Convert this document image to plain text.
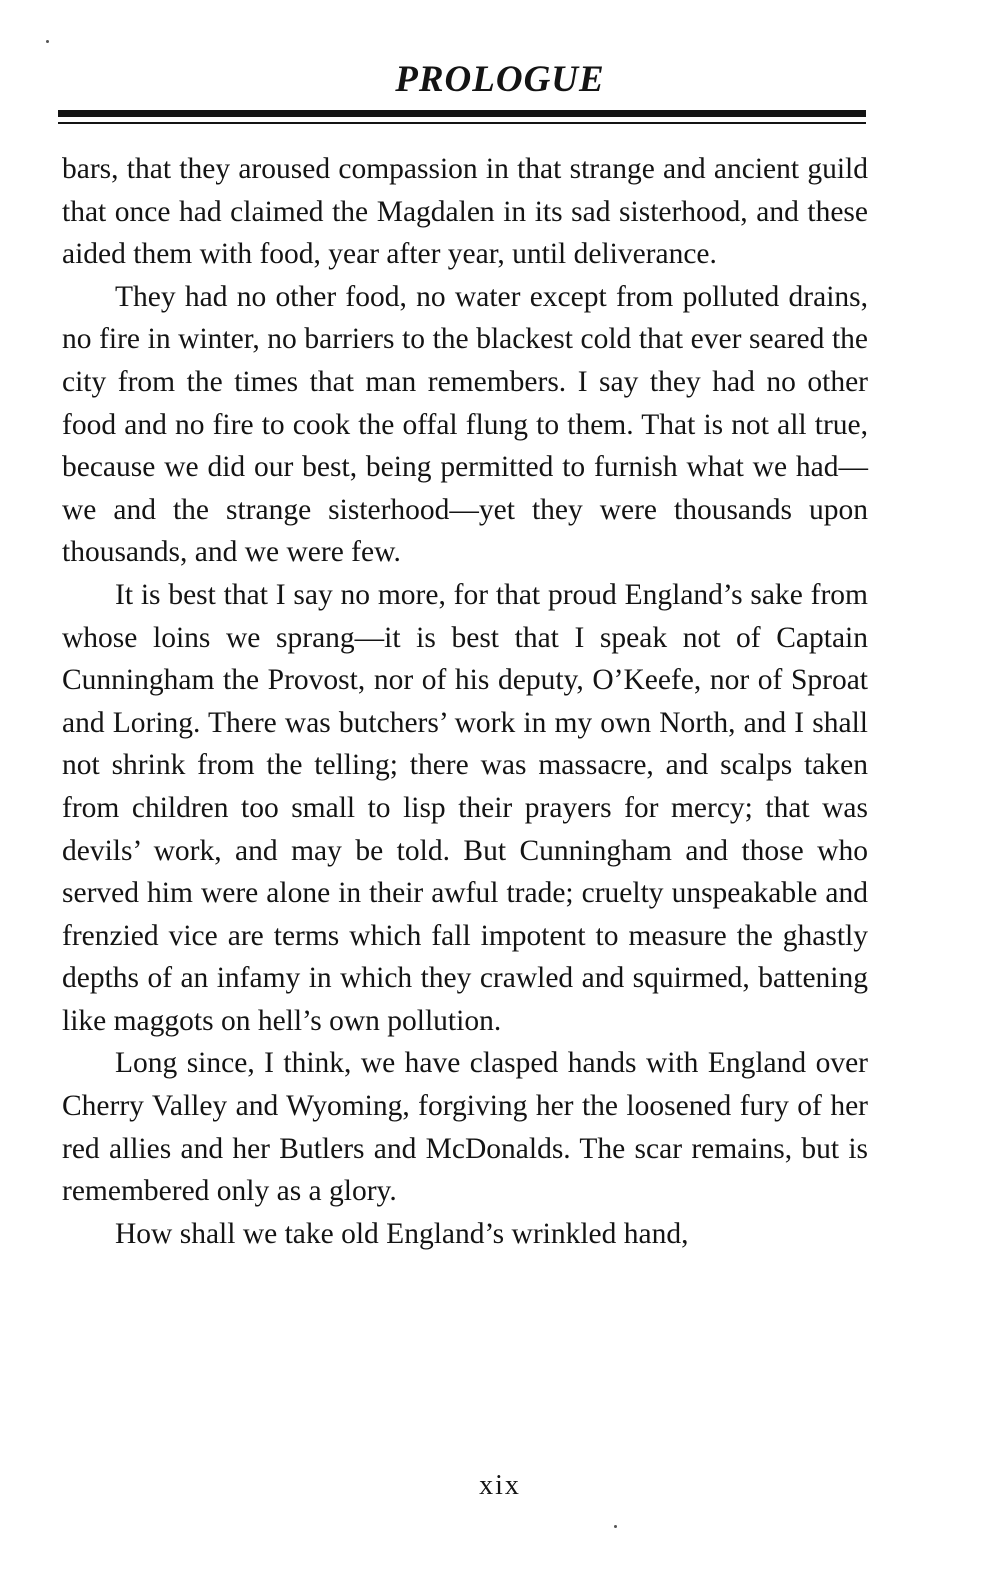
PROLOGUE

bars, that they aroused compassion in that strange and ancient guild that once had claimed the Magdalen in its sad sisterhood, and these aided them with food, year after year, until deliverance.

They had no other food, no water except from polluted drains, no fire in winter, no barriers to the blackest cold that ever seared the city from the times that man remembers. I say they had no other food and no fire to cook the offal flung to them. That is not all true, because we did our best, being permitted to furnish what we had—we and the strange sisterhood—yet they were thousands upon thousands, and we were few.

It is best that I say no more, for that proud England’s sake from whose loins we sprang—it is best that I speak not of Captain Cunningham the Provost, nor of his deputy, O’Keefe, nor of Sproat and Loring. There was butchers’ work in my own North, and I shall not shrink from the telling; there was massacre, and scalps taken from children too small to lisp their prayers for mercy; that was devils’ work, and may be told. But Cunningham and those who served him were alone in their awful trade; cruelty unspeakable and frenzied vice are terms which fall impotent to measure the ghastly depths of an infamy in which they crawled and squirmed, battening like maggots on hell’s own pollution.

Long since, I think, we have clasped hands with England over Cherry Valley and Wyoming, forgiving her the loosened fury of her red allies and her Butlers and McDonalds. The scar remains, but is remembered only as a glory.

How shall we take old England’s wrinkled hand,

xix
